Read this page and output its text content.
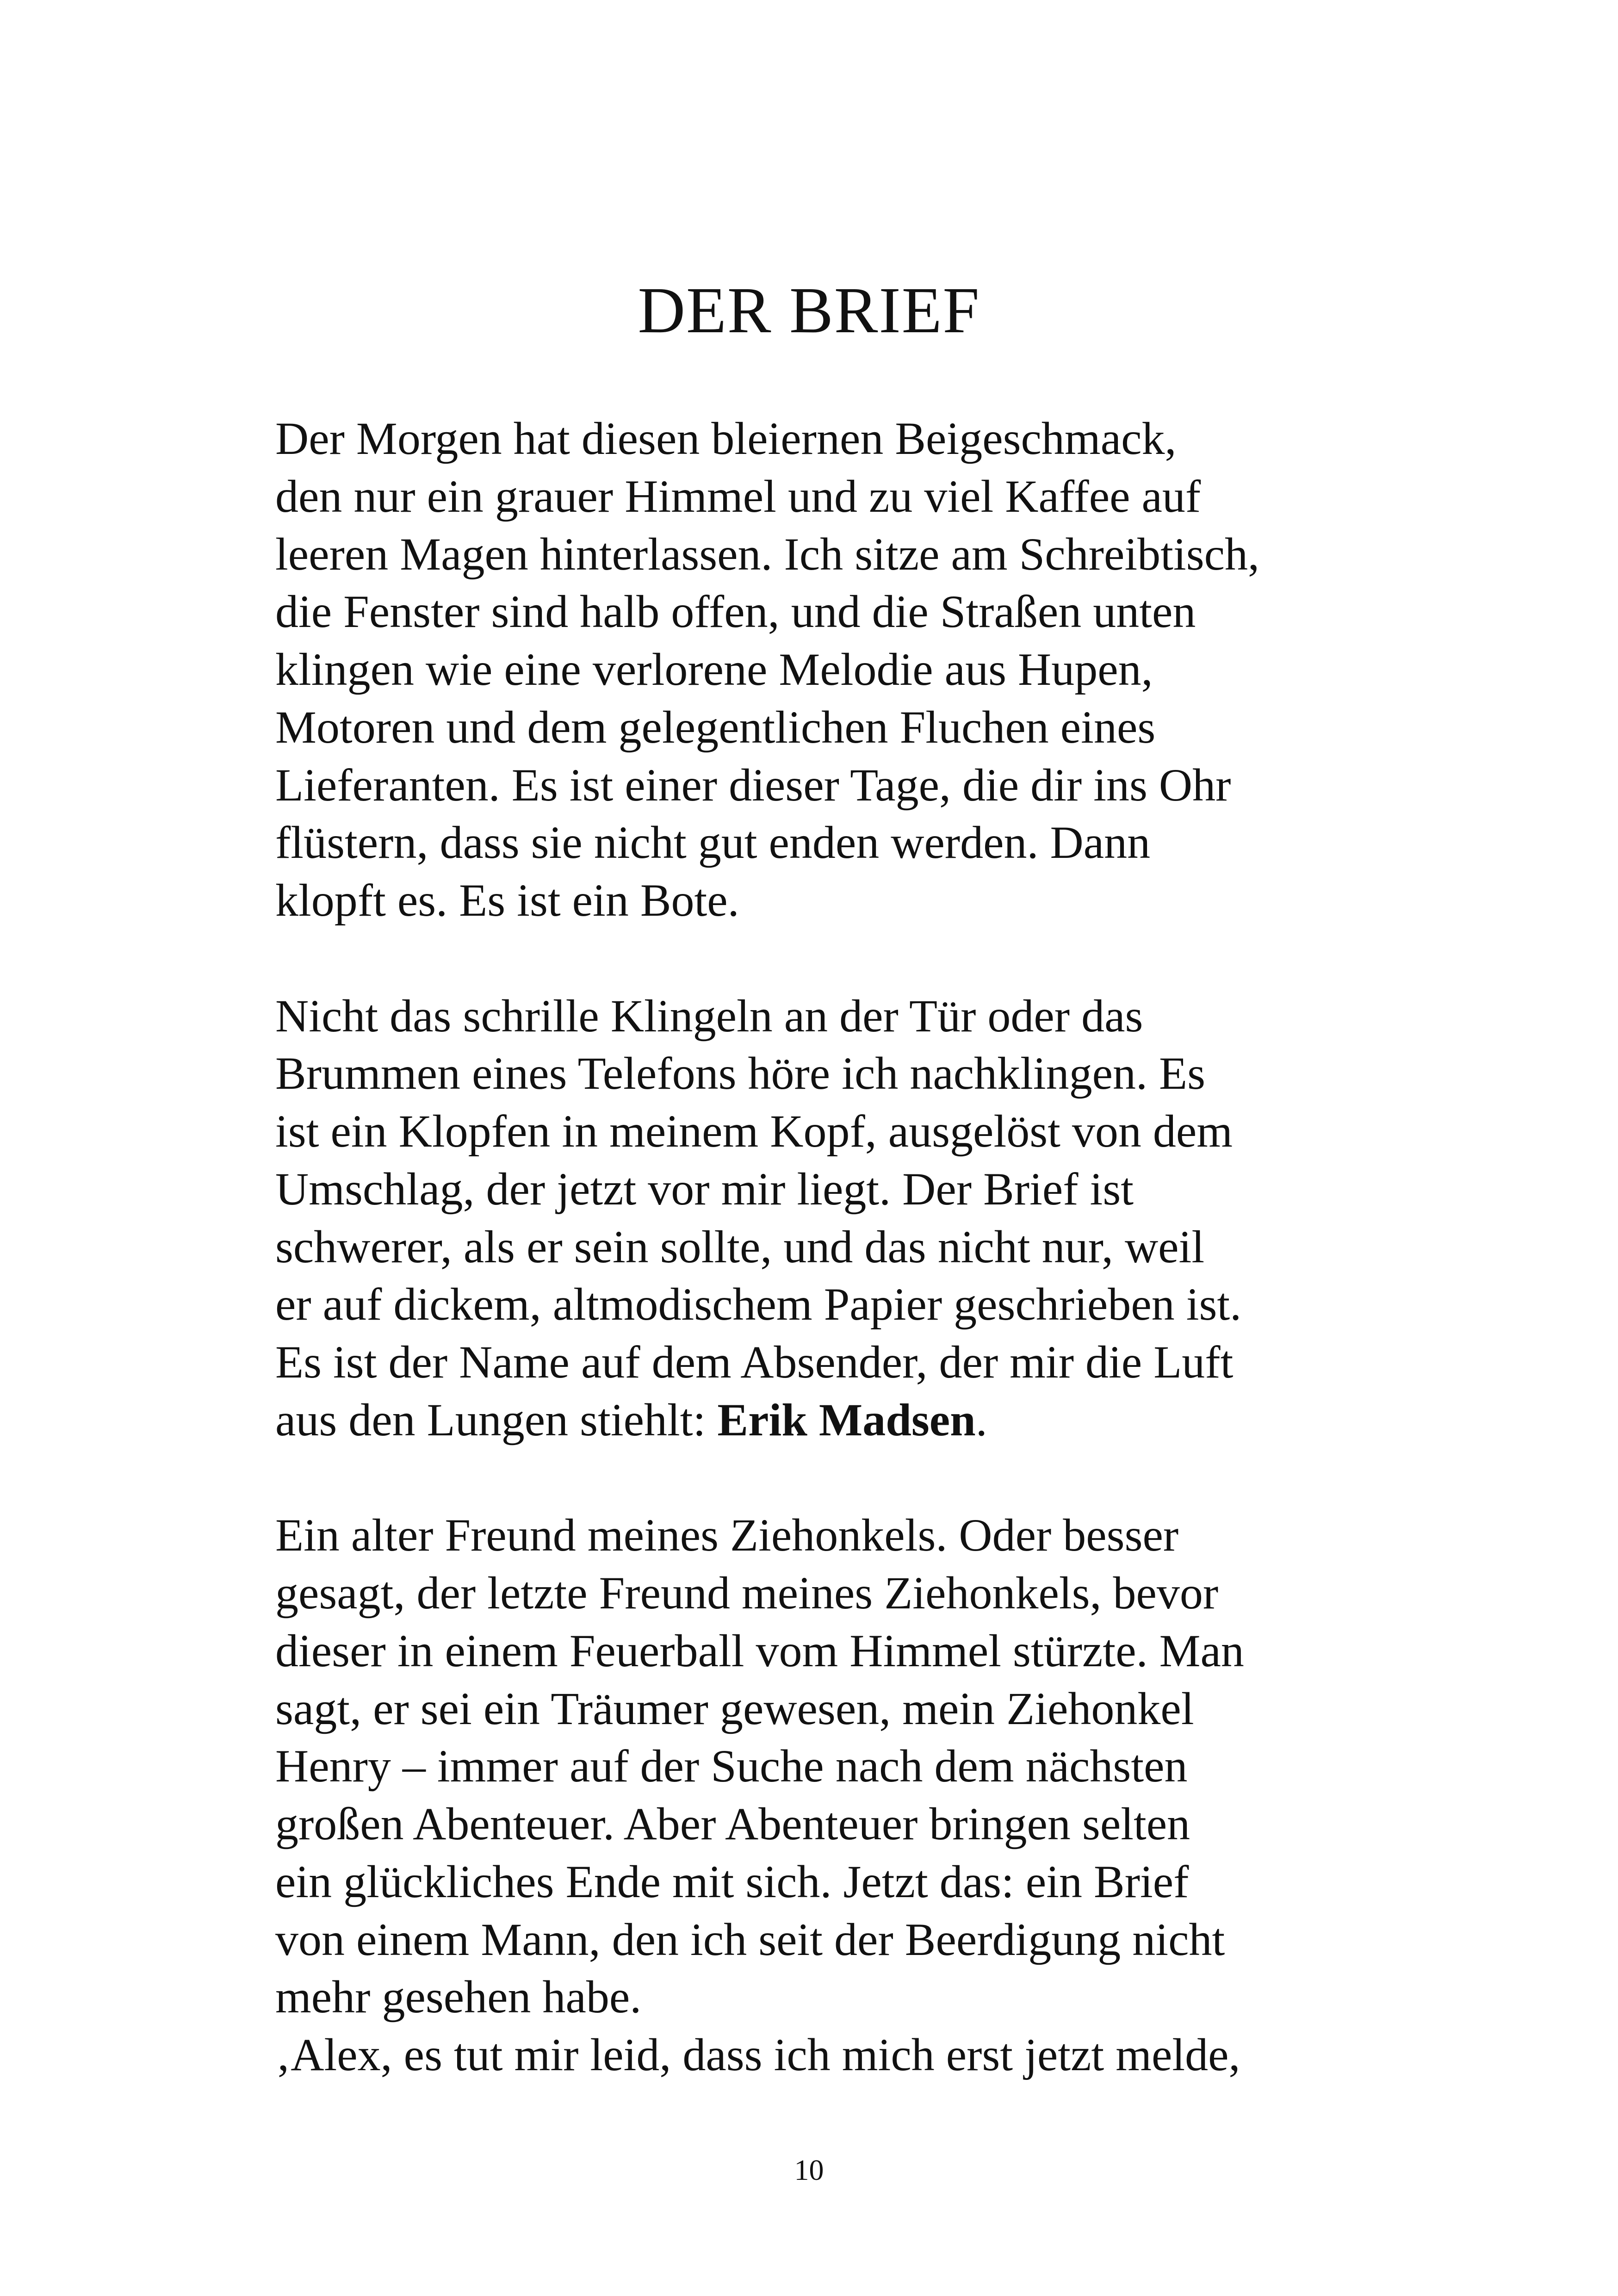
DER BRIEF
Der Morgen hat diesen bleiernen Beigeschmack,
den nur ein grauer Himmel und zu viel Kaffee auf
leeren Magen hinterlassen. Ich sitze am Schreibtisch,
die Fenster sind halb offen, und die Straßen unten
klingen wie eine verlorene Melodie aus Hupen,
Motoren und dem gelegentlichen Fluchen eines
Lieferanten. Es ist einer dieser Tage, die dir ins Ohr
flüstern, dass sie nicht gut enden werden. Dann
klopft es. Es ist ein Bote.
Nicht das schrille Klingeln an der Tür oder das
Brummen eines Telefons höre ich nachklingen. Es
ist ein Klopfen in meinem Kopf, ausgelöst von dem
Umschlag, der jetzt vor mir liegt. Der Brief ist
schwerer, als er sein sollte, und das nicht nur, weil
er auf dickem, altmodischem Papier geschrieben ist.
Es ist der Name auf dem Absender, der mir die Luft
aus den Lungen stiehlt: Erik Madsen.
Ein alter Freund meines Ziehonkels. Oder besser
gesagt, der letzte Freund meines Ziehonkels, bevor
dieser in einem Feuerball vom Himmel stürzte. Man
sagt, er sei ein Träumer gewesen, mein Ziehonkel
Henry – immer auf der Suche nach dem nächsten
großen Abenteuer. Aber Abenteuer bringen selten
ein glückliches Ende mit sich. Jetzt das: ein Brief
von einem Mann, den ich seit der Beerdigung nicht
mehr gesehen habe.
‚Alex, es tut mir leid, dass ich mich erst jetzt melde,
10
